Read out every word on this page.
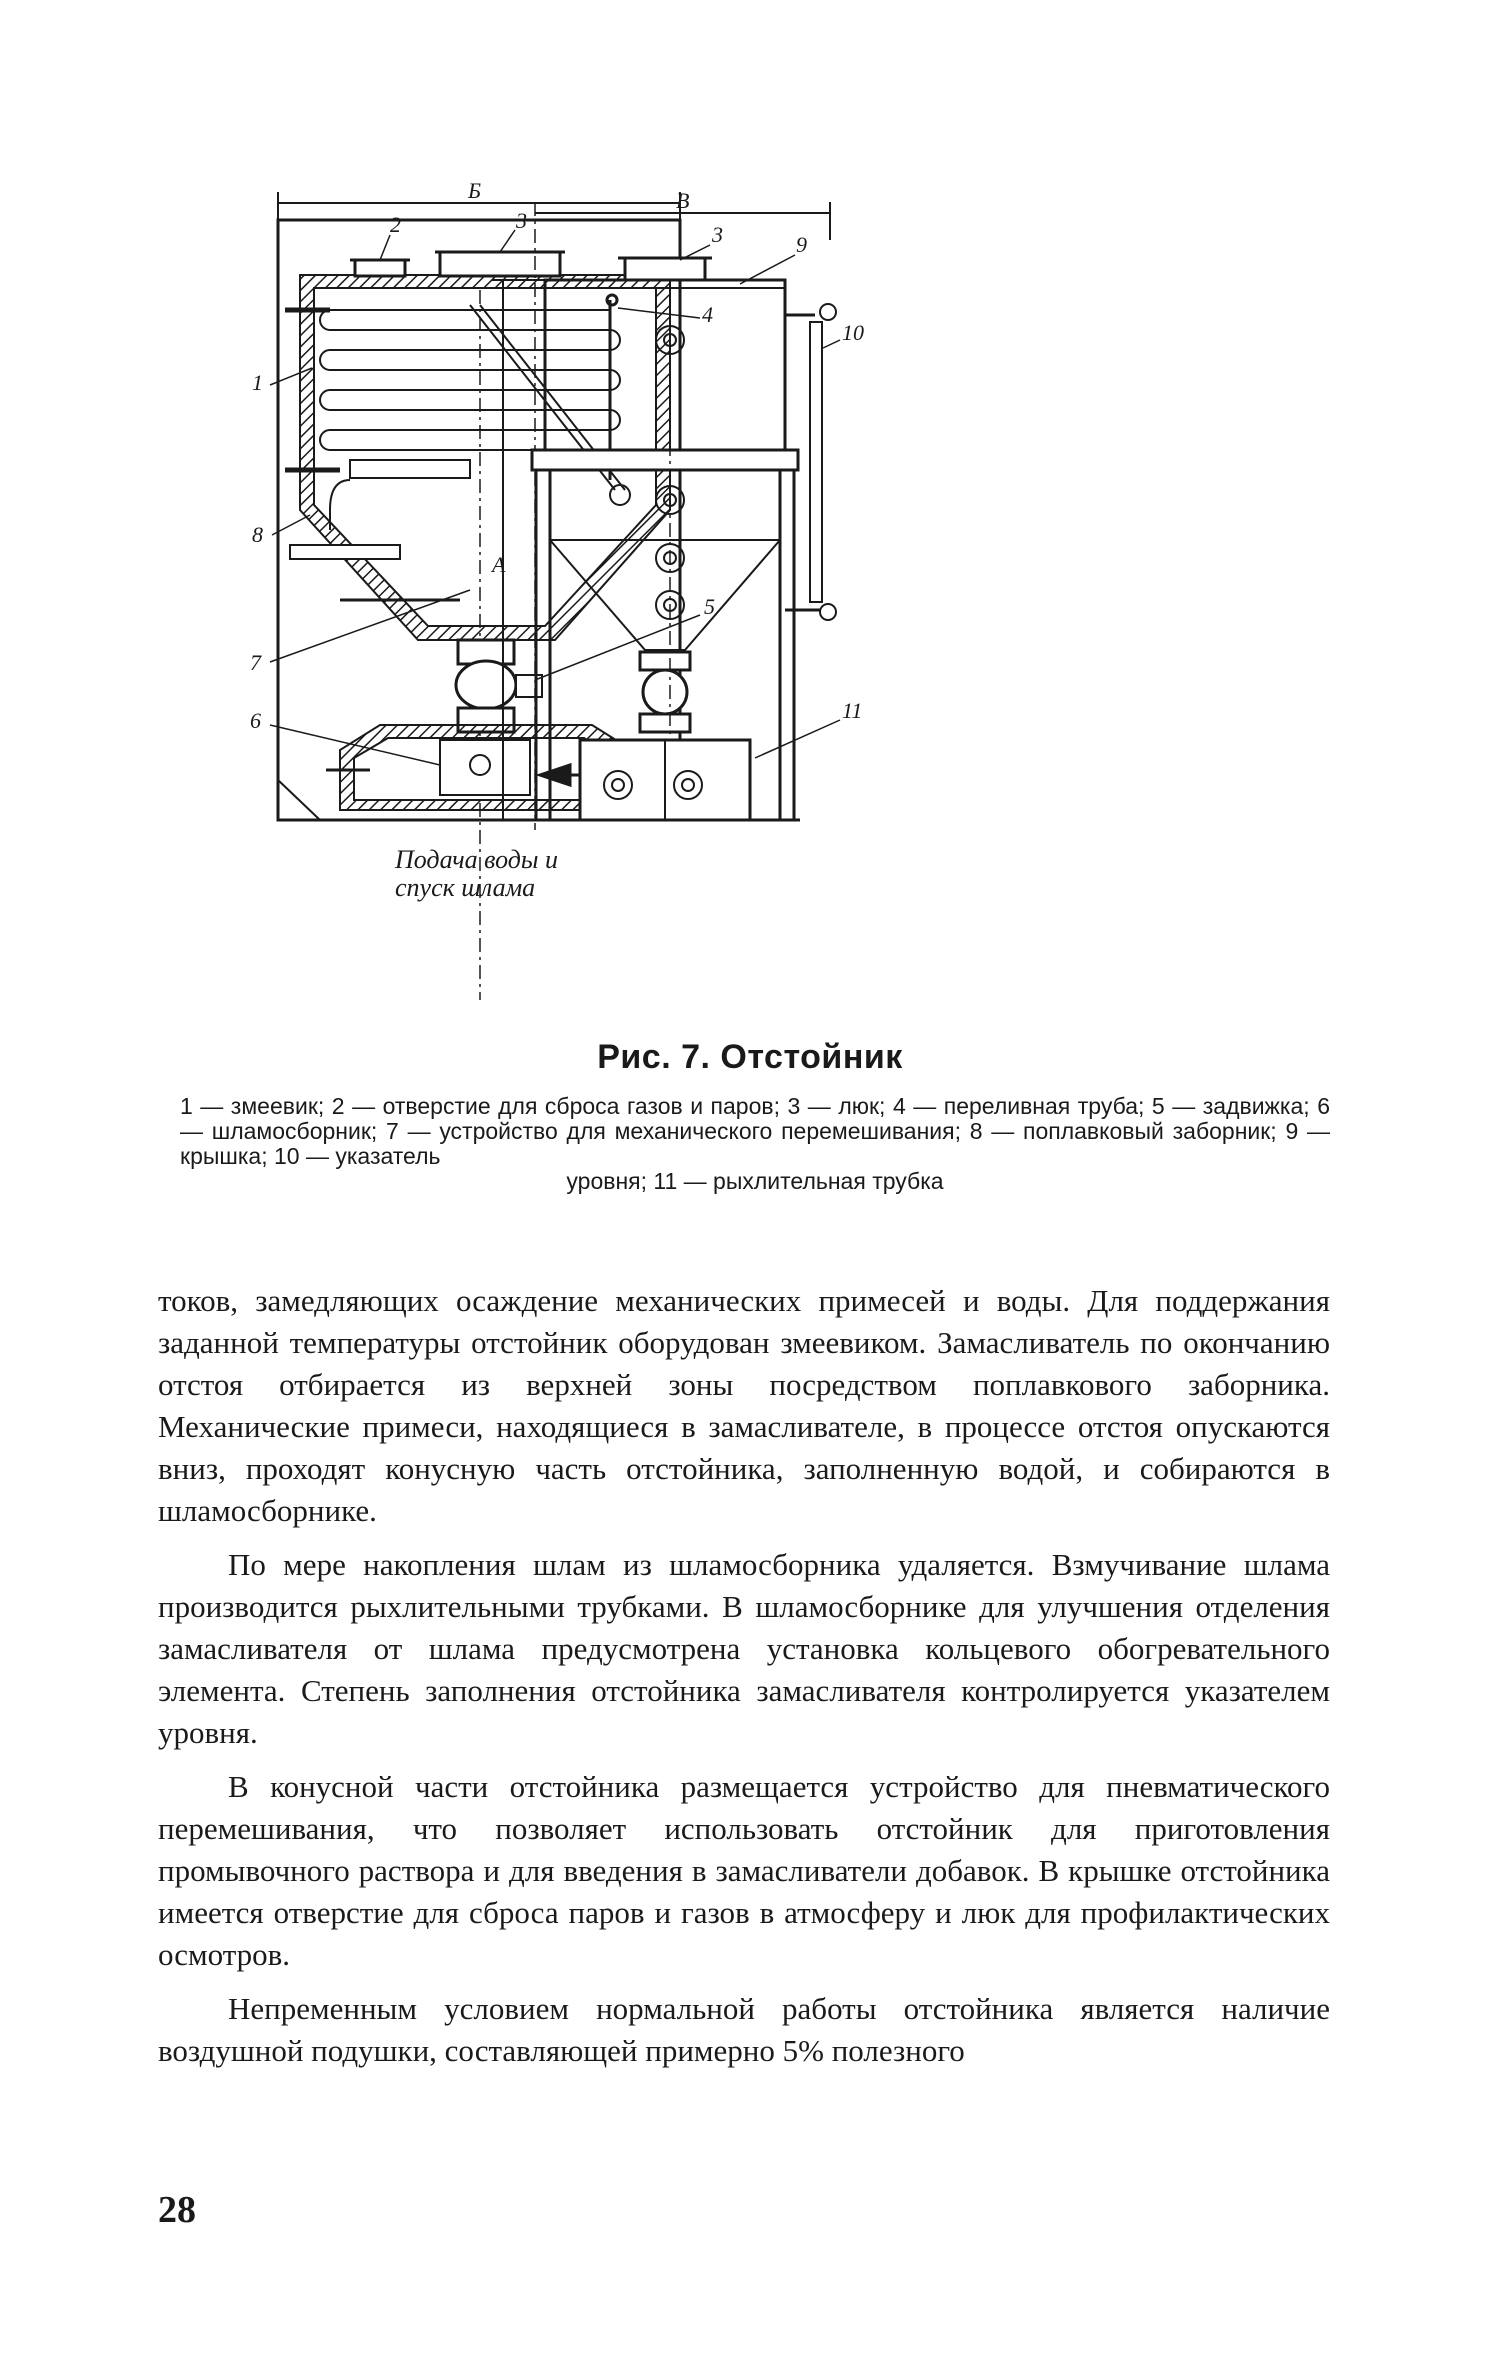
Б
2	3
4
1
8
5
7
6
Подача воды и
спуск шлама
В
А
3	9
10
11
Рис. 7. Отстойник
1 — змеевик; 2 — отверстие для сброса газов и паров; 3 — люк; 4 — переливная труба; 5 — задвижка; 6 — шламосборник; 7 — устройство для механического перемешивания; 8 — поплавковый заборник; 9 — крышка; 10 — указатель
уровня; 11 — рыхлительная трубка

токов, замедляющих осаждение механических примесей и воды. Для поддержания заданной температуры отстойник оборудован змеевиком. Замасливатель по окончанию отстоя отбирается из верхней зоны посредством поплавкового заборника. Механические примеси, находящиеся в замасливателе, в процессе отстоя опускаются вниз, проходят конусную часть отстойника, заполненную водой, и собираются в шламосборнике.

По мере накопления шлам из шламосборника удаляется. Взмучивание шлама производится рыхлительными трубками. В шламосборнике для улучшения отделения замасливателя от шлама предусмотрена установка кольцевого обогревательного элемента. Степень заполнения отстойника замасливателя контролируется указателем уровня.

В конусной части отстойника размещается устройство для пневматического перемешивания, что позволяет использовать отстойник для приготовления промывочного раствора и для введения в замасливатели добавок. В крышке отстойника имеется отверстие для сброса паров и газов в атмосферу и люк для профилактических осмотров.

Непременным условием нормальной работы отстойника является наличие воздушной подушки, составляющей примерно 5% полезного

28
